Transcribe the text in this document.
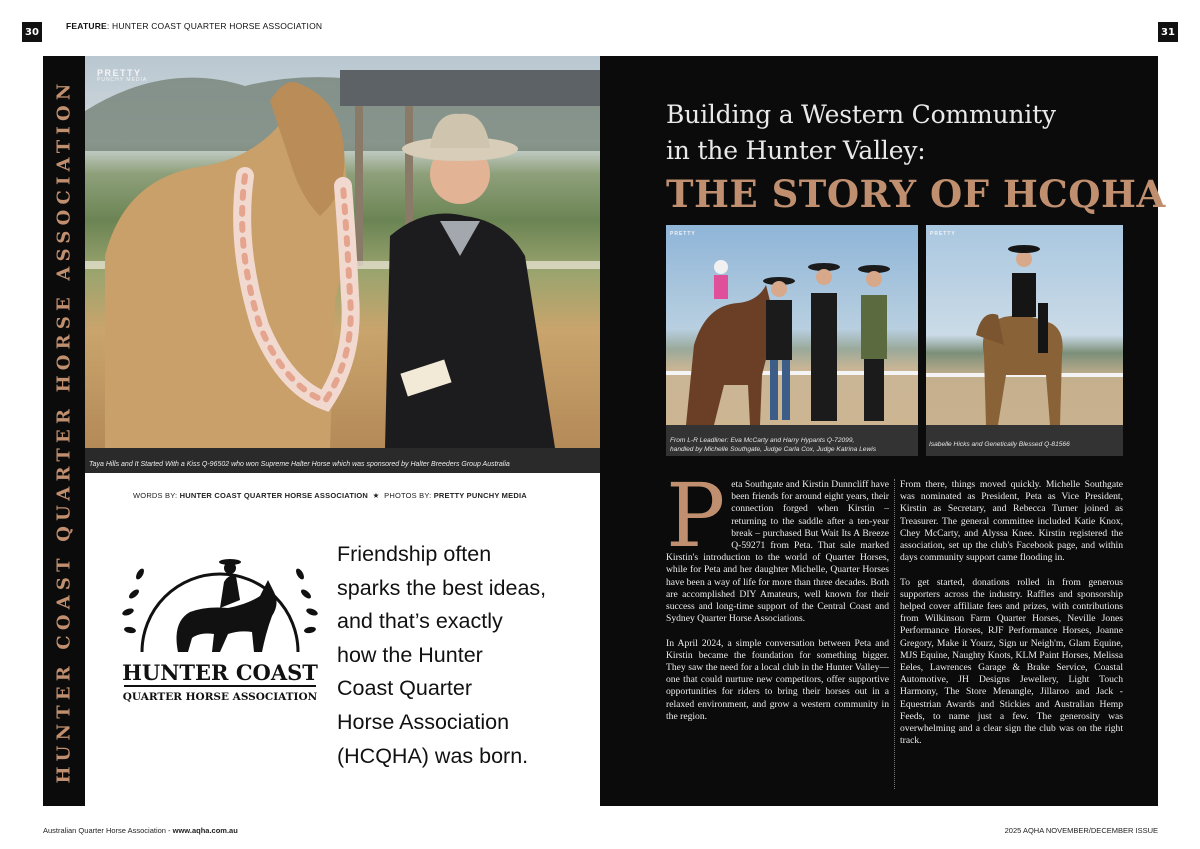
30	31
FEATURE: HUNTER COAST QUARTER HORSE ASSOCIATION
HUNTER COAST QUARTER HORSE ASSOCIATION
PRETTY
PUNCHY MEDIA
Taya Hills and It Started With a Kiss Q-96502 who won Supreme Halter Horse which was sponsored by Halter Breeders Group Australia
WORDS BY: HUNTER COAST QUARTER HORSE ASSOCIATION  ★  PHOTOS BY: PRETTY PUNCHY MEDIA
HUNTER COAST
QUARTER HORSE ASSOCIATION
Friendship often
sparks the best ideas,
and that’s exactly
how the Hunter
Coast Quarter
Horse Association
(HCQHA) was born.
Building a Western Community
in the Hunter Valley:
THE STORY OF HCQHA
PRETTY
From L-R Leadliner: Eva McCarty and Harry Hypants Q-72099,
handled by Michelle Southgate, Judge Carla Cox, Judge Katrina Lewis
PRETTY
Isabelle Hicks and Genetically Blessed Q-81566

Peta Southgate and Kirstin Dunncliff have been friends for around eight years, their connection forged when Kirstin – returning to the saddle after a ten-year break – purchased But Wait Its A Breeze Q-59271 from Peta. That sale marked Kirstin's introduction to the world of Quarter Horses, while for Peta and her daughter Michelle, Quarter Horses have been a way of life for more than three decades. Both are accomplished DIY Amateurs, well known for their success and long-time support of the Central Coast and Sydney Quarter Horse Associations.

In April 2024, a simple conversation between Peta and Kirstin became the foundation for something bigger. They saw the need for a local club in the Hunter Valley—one that could nurture new competitors, offer supportive opportunities for riders to bring their horses out in a relaxed environment, and grow a western community in the region.

From there, things moved quickly. Michelle Southgate was nominated as President, Peta as Vice President, Kirstin as Secretary, and Rebecca Turner joined as Treasurer. The general committee included Katie Knox, Chey McCarty, and Alyssa Knee. Kirstin registered the association, set up the club's Facebook page, and within days community support came flooding in.

To get started, donations rolled in from generous supporters across the industry. Raffles and sponsorship helped cover affiliate fees and prizes, with contributions from Wilkinson Farm Quarter Horses, Neville Jones Performance Horses, RJF Performance Horses, Joanne Gregory, Make it Yourz, Sign ur Neigh'm, Glam Equine, MJS Equine, Naughty Knots, KLM Paint Horses, Melissa Eeles, Lawrences Garage & Brake Service, Coastal Automotive, JH Designs Jewellery, Light Touch Harmony, The Store Menangle, Jillaroo and Jack - Equestrian Awards and Stickies and Australian Hemp Feeds, to name just a few. The generosity was overwhelming and a clear sign the club was on the right track.

Australian Quarter Horse Association - www.aqha.com.au	2025 AQHA NOVEMBER/DECEMBER ISSUE
